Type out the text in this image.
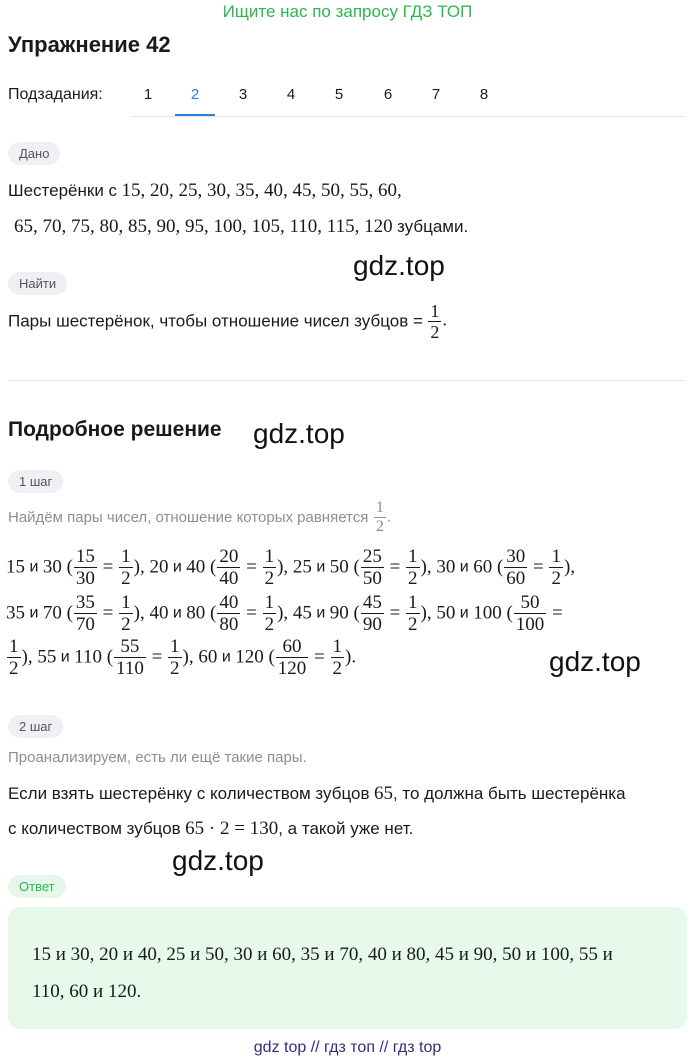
Ищите нас по запросу ГДЗ ТОП
Упражнение 42
Подзадания:	1	2	3	4	5	6	7	8
Дано
Шестерёнки с 15, 20, 25, 30, 35, 40, 45, 50, 55, 60,
65, 70, 75, 80, 85, 90, 95, 100, 105, 110, 115, 120 зубцами.
gdz.top
Найти
Пары шестерёнок, чтобы отношение чисел зубцов = $\frac{1}{2}$ .
Подробное решение gdz.top
1 шаг
Найдём пары чисел, отношение которых равняется $\frac{1}{2}$ .
15 и 30 ( $\frac{15}{30} = \frac{1}{2}$ ), 20 и 40 ( $\frac{20}{40} = \frac{1}{2}$ ), 25 и 50 ( $\frac{25}{50} = \frac{1}{2}$ ), 30 и 60 ( $\frac{30}{60} = \frac{1}{2}$ ),
35 и 70 ( $\frac{35}{70} = \frac{1}{2}$ ), 40 и 80 ( $\frac{40}{80} = \frac{1}{2}$ ), 45 и 90 ( $\frac{45}{90} = \frac{1}{2}$ ), 50 и 100 ( $\frac{50}{100}$ =
$\frac{1}{2}$ ), 55 и 110 ( $\frac{55}{110} = \frac{1}{2}$ ), 60 и 120 ( $\frac{60}{120} = \frac{1}{2}$ ).	gdz.top
2 шаг
Проанализируем, есть ли ещё такие пары.
Если взять шестерёнку с количеством зубцов 65, то должна быть шестерёнка
с количеством зубцов 65 · 2 = 130, а такой уже нет.
gdz.top
Ответ
15 и 30, 20 и 40, 25 и 50, 30 и 60, 35 и 70, 40 и 80, 45 и 90, 50 и 100, 55 и
110, 60 и 120.
gdz top // гдз топ // гдз top
